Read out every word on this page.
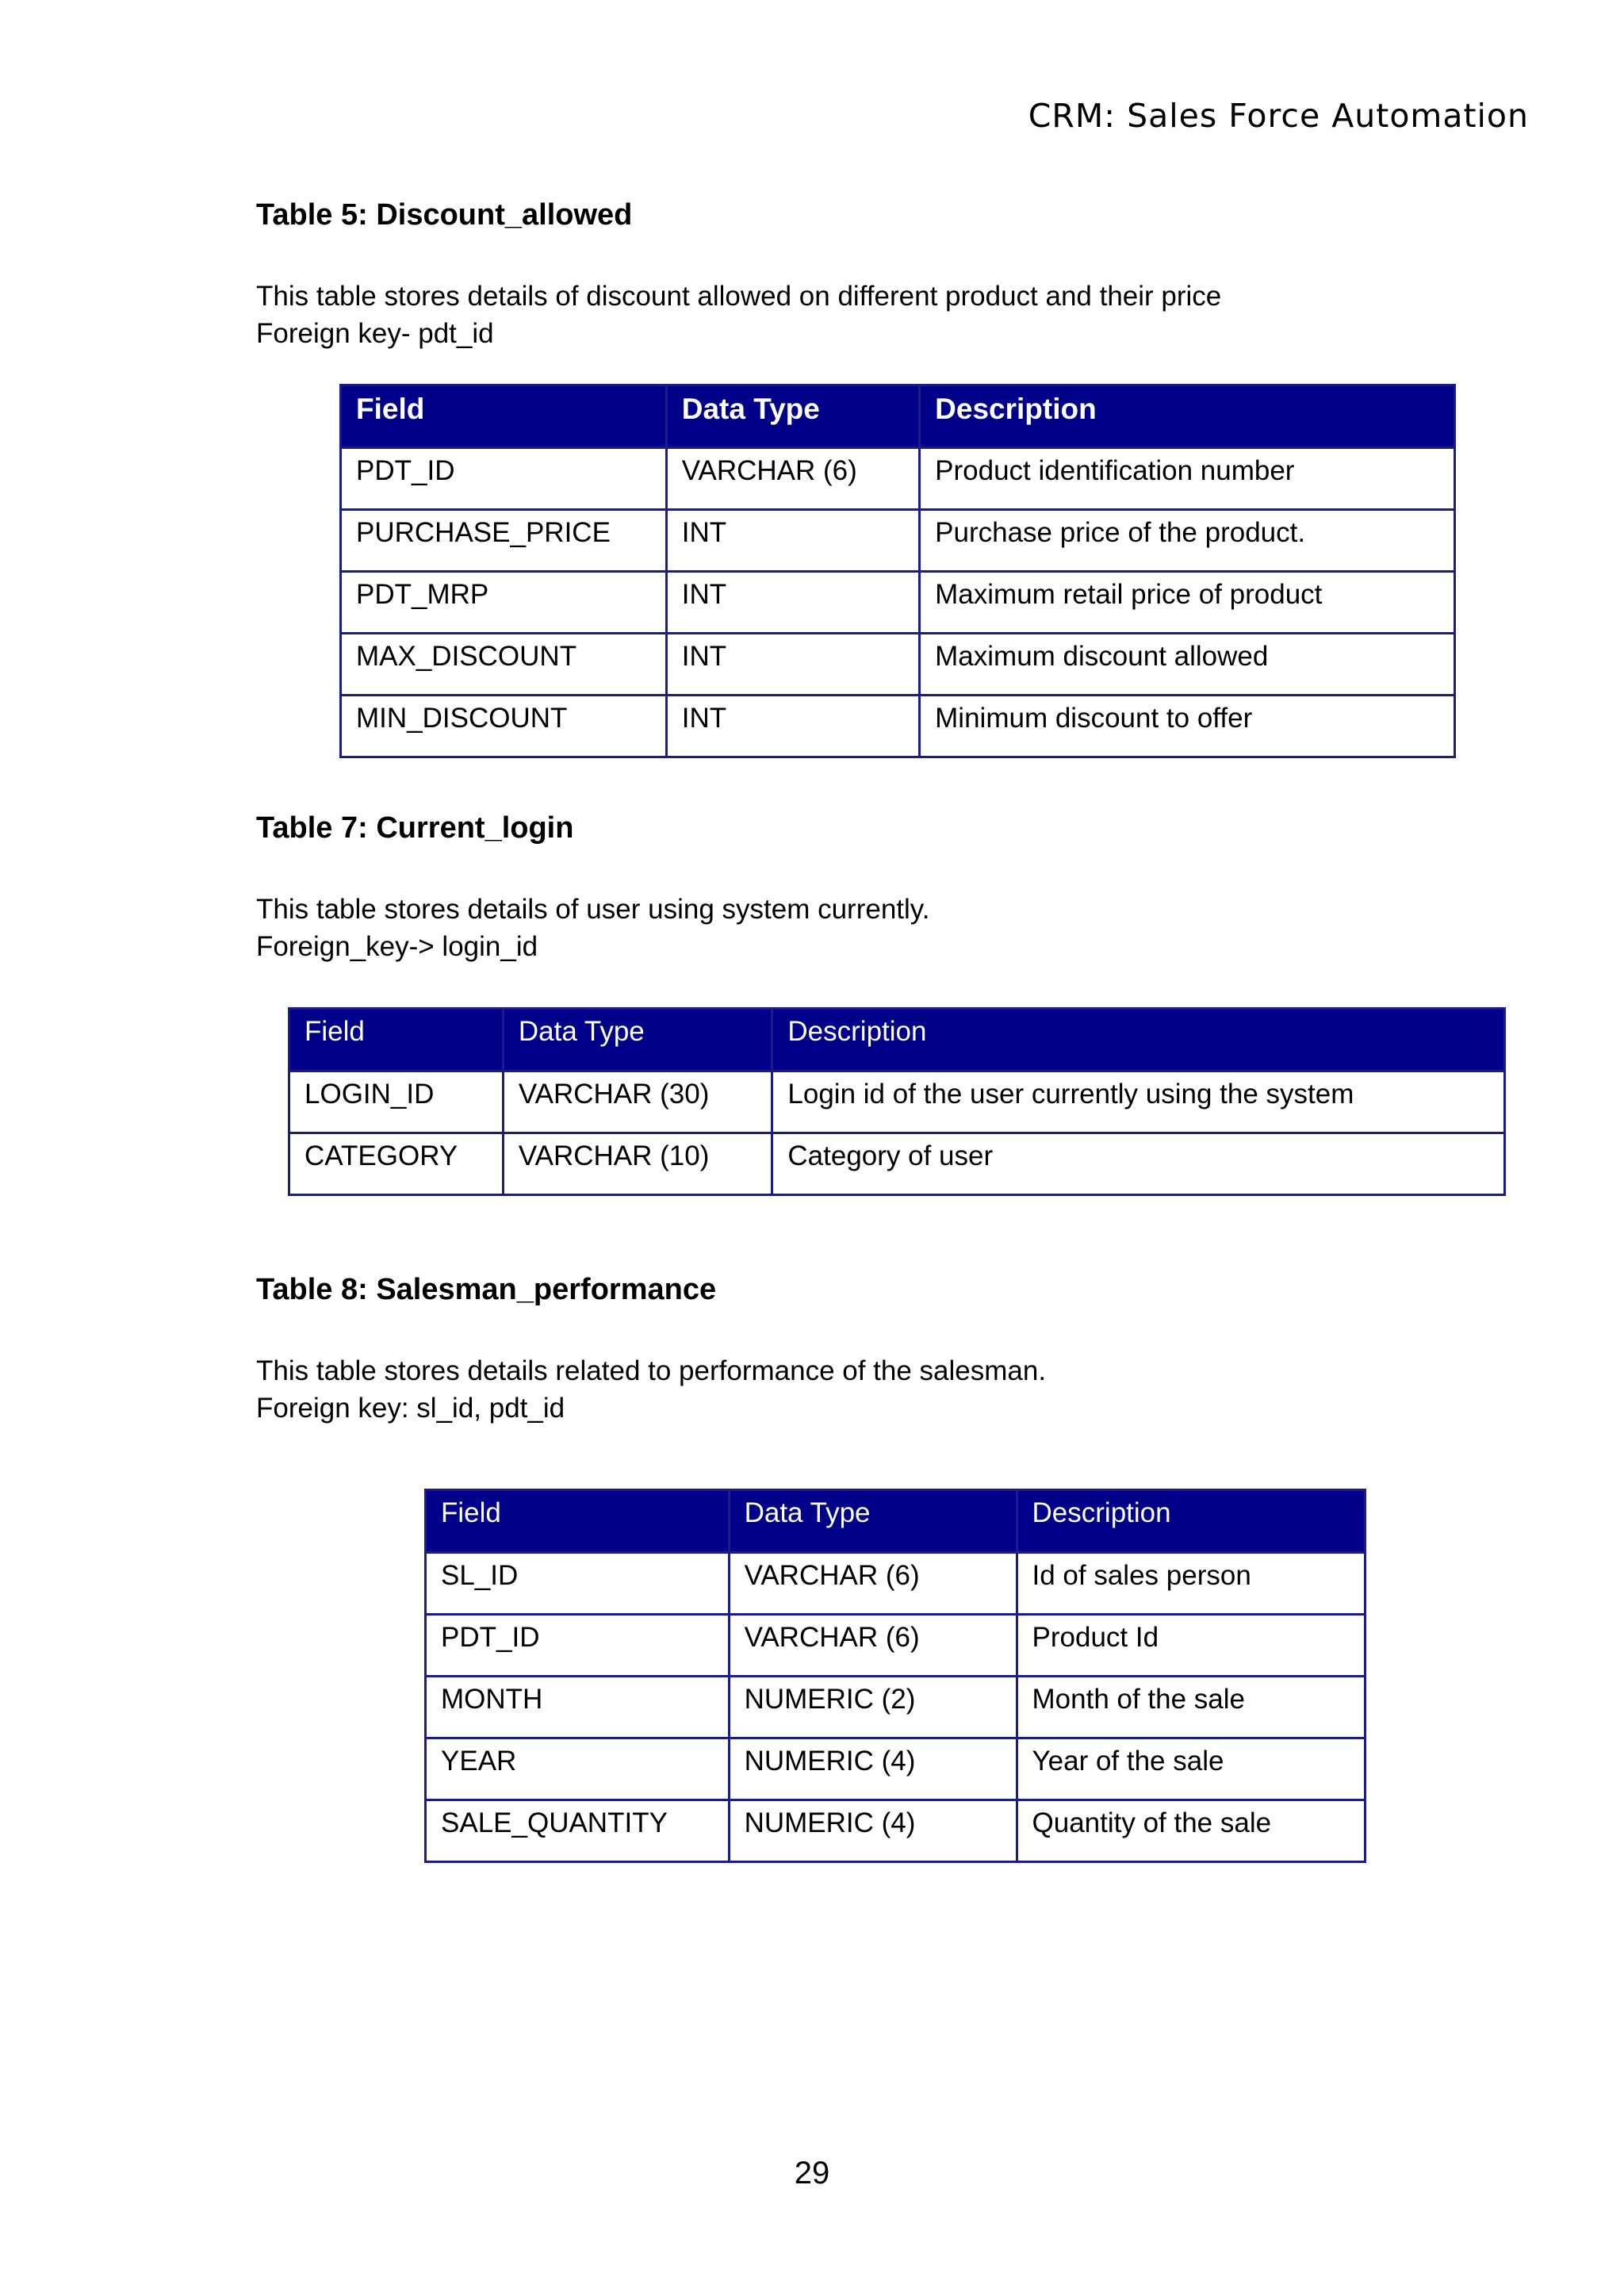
CRM: Sales Force Automation
Table 5: Discount_allowed
This table stores details of discount allowed on different product and their price
Foreign key- pdt_id
Field	Data Type	Description
PDT_ID	VARCHAR (6)	Product identification number
PURCHASE_PRICE	INT	Purchase price of the product.
PDT_MRP	INT	Maximum retail price of product
MAX_DISCOUNT	INT	Maximum discount allowed
MIN_DISCOUNT	INT	Minimum discount to offer
Table 7: Current_login
This table stores details of user using system currently.
Foreign_key-> login_id
Field	Data Type	Description
LOGIN_ID	VARCHAR (30)	Login id of the user currently using the system
CATEGORY	VARCHAR (10)	Category of user
Table 8: Salesman_performance
This table stores details related to performance of the salesman.
Foreign key: sl_id, pdt_id
Field	Data Type	Description
SL_ID	VARCHAR (6)	Id of sales person
PDT_ID	VARCHAR (6)	Product Id
MONTH	NUMERIC (2)	Month of the sale
YEAR	NUMERIC (4)	Year of the sale
SALE_QUANTITY	NUMERIC (4)	Quantity of the sale
29
